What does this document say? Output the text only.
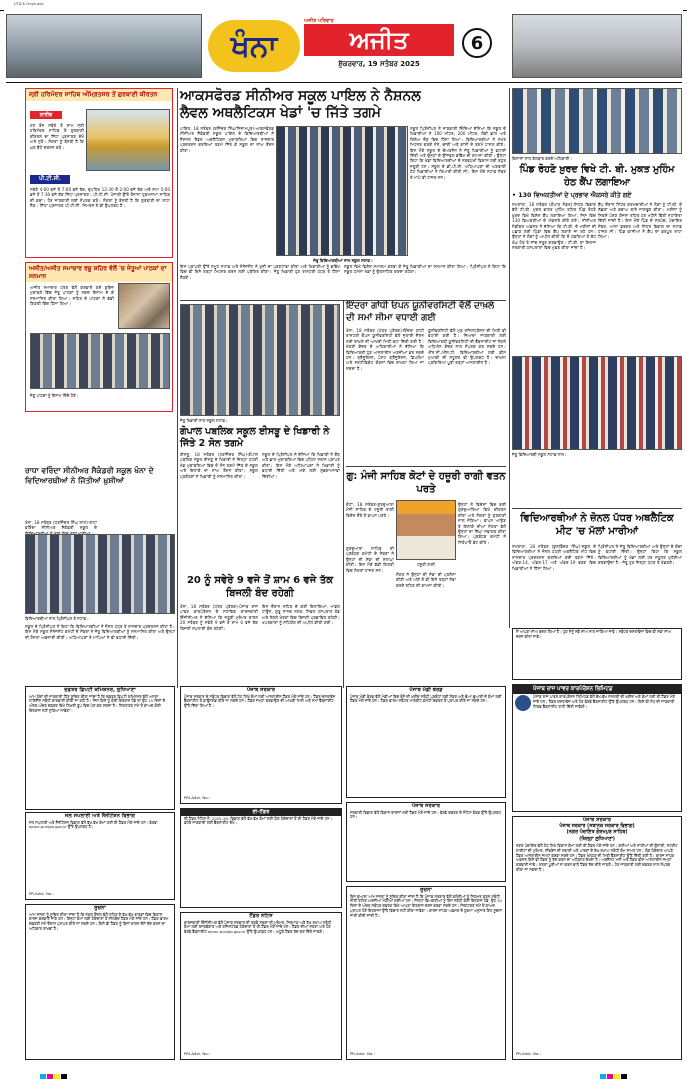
UTD 6 Cmyk.qxd
ਖੰਨਾ
ਅਜੀਤ ਪਰਿਵਾਰ
ਅਜੀਤ
ਸ਼ੁੱਕਰਵਾਰ, 19 ਸਤੰਬਰ 2025
6
ਸ੍ਰੀ ਹਰਿਮੰਦਰ ਸਾਹਿਬ ਅੰਮ੍ਰਿਤਸਰ ਤੋਂ ਗੁਰਬਾਣੀ ਕੀਰਤਨ
ਲਾਈਵ
ਹਰ ਰੋਜ਼ ਸਵੇਰੇ ਤੇ ਸ਼ਾਮ ਸ੍ਰੀ ਹਰਿਮੰਦਰ ਸਾਹਿਬ ਤੋਂ ਗੁਰਬਾਣੀ ਕੀਰਤਨ ਦਾ ਸਿੱਧਾ ਪ੍ਰਸਾਰਣ ਦੇਖੋ ਅਤੇ ਸੁਣੋ। ਸੰਗਤਾਂ ਨੂੰ ਬੇਨਤੀ ਹੈ ਕਿ ਘਰ ਬੈਠੇ ਦਰਸ਼ਨ ਕਰੋ।
ਪੀ.ਟੀ.ਸੀ.
ਸਵੇਰੇ 4:00 ਵਜੇ ਤੋਂ 7:00 ਵਜੇ ਤੱਕ, ਦੁਪਹਿਰ 12:30 ਤੋਂ 2:00 ਵਜੇ ਤੱਕ ਅਤੇ ਸ਼ਾਮ 5:00 ਵਜੇ ਤੋਂ 7:30 ਵਜੇ ਤੱਕ ਸਿੱਧਾ ਪ੍ਰਸਾਰਣ। ਪੀ.ਟੀ.ਸੀ. ਪੰਜਾਬੀ ਉੱਤੇ ਰੋਜ਼ਾਨਾ ਹੁਕਮਨਾਮਾ ਸਾਹਿਬ ਦੀ ਕਥਾ। ਹੋਰ ਜਾਣਕਾਰੀ ਲਈ ਸੰਪਰਕ ਕਰੋ। ਸੰਗਤਾਂ ਨੂੰ ਬੇਨਤੀ ਹੈ ਕਿ ਗੁਰਬਾਣੀ ਦਾ ਲਾਹਾ ਲੈਣ। ਸਿੱਧਾ ਪ੍ਰਸਾਰਣ ਪੀ.ਟੀ.ਸੀ. ਸਿਮਰਨ ਤੇ ਵੀ ਉਪਲਬਧ ਹੈ।
ਅਜੀਤ/ਅਜੀਤ ਸਮਾਚਾਰ ਰਜ਼ੂ ਸ਼ਹਿਰ ਵੱਲੋਂ 'ਚ ਜੇਤੂਆਂ ਪਾਠਕਾਂ ਦਾ ਸਨਮਾਨ
ਅਜੀਤ ਸਮਾਚਾਰ ਪੱਤਰ ਵੱਲੋਂ ਕਰਵਾਏ ਗਏ ਕੁਇਜ਼ ਮੁਕਾਬਲੇ ਵਿੱਚ ਜੇਤੂ ਪਾਠਕਾਂ ਨੂੰ ਨਕਦ ਇਨਾਮ ਦੇ ਕੇ ਸਨਮਾਨਿਤ ਕੀਤਾ ਗਿਆ। ਸ਼ਹਿਰ ਦੇ ਪਾਠਕਾਂ ਨੇ ਵੱਡੀ ਗਿਣਤੀ ਵਿੱਚ ਹਿੱਸਾ ਲਿਆ।
ਜੇਤੂ ਪਾਠਕਾਂ ਨੂੰ ਇਨਾਮ ਦਿੰਦੇ ਹੋਏ।
ਆਕਸਫੋਰਡ ਸੀਨੀਅਰ ਸਕੂਲ ਪਾਇਲ ਨੇ ਨੈਸ਼ਨਲ
ਲੈਵਲ ਅਥਲੈਟਿਕਸ ਖੇਡਾਂ 'ਚ ਜਿੱਤੇ ਤਗਮੇ
ਪਾਇਲ, 18 ਸਤੰਬਰ (ਰਜਿੰਦਰ ਸਿੰਘ/ਨਿਜ਼ਾਮਪੁਰ)-ਆਕਸਫੋਰਡ ਸੀਨੀਅਰ ਸੈਕੰਡਰੀ ਸਕੂਲ ਪਾਇਲ ਦੇ ਵਿਦਿਆਰਥੀਆਂ ਨੇ ਨੈਸ਼ਨਲ ਲੈਵਲ ਅਥਲੈਟਿਕਸ ਮੁਕਾਬਲਿਆਂ ਵਿਚ ਸ਼ਾਨਦਾਰ ਪ੍ਰਦਰਸ਼ਨ ਕਰਦਿਆਂ ਤਗਮੇ ਜਿੱਤ ਕੇ ਸਕੂਲ ਦਾ ਨਾਂਅ ਰੌਸ਼ਨ ਕੀਤਾ।
ਸਕੂਲ ਪ੍ਰਿੰਸੀਪਲ ਨੇ ਜਾਣਕਾਰੀ ਦਿੰਦਿਆਂ ਦੱਸਿਆ ਕਿ ਸਕੂਲ ਦੇ ਖਿਡਾਰੀਆਂ ਨੇ 100 ਮੀਟਰ, 200 ਮੀਟਰ, ਲੰਬੀ ਛਾਲ ਅਤੇ ਰਿਲੇਅ ਦੌੜ ਵਿਚ ਹਿੱਸਾ ਲਿਆ। ਵਿਦਿਆਰਥੀਆਂ ਨੇ ਸਖ਼ਤ ਮਿਹਨਤ ਕਰਕੇ ਸੋਨੇ, ਚਾਂਦੀ ਅਤੇ ਕਾਂਸੀ ਦੇ ਤਗਮੇ ਹਾਸਲ ਕੀਤੇ। ਇਸ ਮੌਕੇ ਸਕੂਲ ਦੇ ਚੇਅਰਮੈਨ ਨੇ ਜੇਤੂ ਖਿਡਾਰੀਆਂ ਨੂੰ ਵਧਾਈ ਦਿੱਤੀ ਅਤੇ ਉਨ੍ਹਾਂ ਦੇ ਉੱਜਵਲ ਭਵਿੱਖ ਦੀ ਕਾਮਨਾ ਕੀਤੀ। ਉਨ੍ਹਾਂ ਕਿਹਾ ਕਿ ਖੇਡਾਂ ਵਿਦਿਆਰਥੀਆਂ ਦੇ ਸਰਵਪੱਖੀ ਵਿਕਾਸ ਲਈ ਬਹੁਤ ਜ਼ਰੂਰੀ ਹਨ। ਸਕੂਲ ਦੇ ਡੀ.ਪੀ.ਈ. ਅਧਿਆਪਕਾਂ ਦੀ ਅਗਵਾਈ ਹੇਠ ਖਿਡਾਰੀਆਂ ਨੇ ਤਿਆਰੀ ਕੀਤੀ ਸੀ। ਇਸ ਮੌਕੇ ਸਟਾਫ਼ ਮੈਂਬਰ ਤੇ ਮਾਪੇ ਵੀ ਹਾਜ਼ਰ ਸਨ।
ਜੇਤੂ ਵਿਦਿਆਰਥੀਆਂ ਨਾਲ ਸਕੂਲ ਸਟਾਫ਼।
ਇਸ ਪ੍ਰਾਪਤੀ ਉੱਤੇ ਸਮੂਹ ਸਟਾਫ਼ ਅਤੇ ਮੈਨੇਜਮੈਂਟ ਨੇ ਖ਼ੁਸ਼ੀ ਦਾ ਪ੍ਰਗਟਾਵਾ ਕੀਤਾ ਅਤੇ ਖਿਡਾਰੀਆਂ ਨੂੰ ਭਵਿੱਖ ਵਿਚ ਵੀ ਇਸੇ ਤਰ੍ਹਾਂ ਮਿਹਨਤ ਕਰਨ ਲਈ ਪ੍ਰੇਰਿਤ ਕੀਤਾ। ਜੇਤੂ ਖਿਡਾਰੀ ਹੁਣ ਰਾਸ਼ਟਰੀ ਪੱਧਰ ਤੇ ਹਿੱਸਾ ਲੈਣਗੇ।
ਸਕੂਲ ਵਿਖੇ ਵਿਸ਼ੇਸ਼ ਸਮਾਗਮ ਕਰਵਾ ਕੇ ਜੇਤੂ ਖਿਡਾਰੀਆਂ ਦਾ ਸਨਮਾਨ ਕੀਤਾ ਗਿਆ। ਪ੍ਰਿੰਸੀਪਲ ਨੇ ਕਿਹਾ ਕਿ ਸਕੂਲ ਹਮੇਸ਼ਾ ਖੇਡਾਂ ਨੂੰ ਉਤਸ਼ਾਹਿਤ ਕਰਦਾ ਰਹੇਗਾ।
ਜੇਤੂ ਖਿਡਾਰੀ ਨਾਲ ਸਕੂਲ ਸਟਾਫ਼।
ਗੋਪਾਲ ਪਬਲਿਕ ਸਕੂਲ ਈਸੜੂ ਦੇ ਖਿਡਾਰੀ ਨੇ ਜਿੱਤੇ 2 ਸੋਨ ਤਗਮੇ
ਈਸੜੂ, 18 ਸਤੰਬਰ (ਹਰਜਿੰਦਰ ਸਿੰਘ)-ਗੋਪਾਲ ਪਬਲਿਕ ਸਕੂਲ ਈਸੜੂ ਦੇ ਖਿਡਾਰੀ ਨੇ ਜ਼ਿਲ੍ਹਾ ਪੱਧਰੀ ਖੇਡ ਮੁਕਾਬਲਿਆਂ ਵਿਚ ਦੋ ਸੋਨ ਤਗਮੇ ਜਿੱਤ ਕੇ ਸਕੂਲ ਅਤੇ ਇਲਾਕੇ ਦਾ ਨਾਂਅ ਰੌਸ਼ਨ ਕੀਤਾ। ਸਕੂਲ ਪ੍ਰਬੰਧਕਾਂ ਨੇ ਖਿਡਾਰੀ ਨੂੰ ਸਨਮਾਨਿਤ ਕੀਤਾ।
ਸਕੂਲ ਦੇ ਪ੍ਰਿੰਸੀਪਲ ਨੇ ਦੱਸਿਆ ਕਿ ਖਿਡਾਰੀ ਨੇ ਦੌੜ ਅਤੇ ਛਾਲ ਮੁਕਾਬਲਿਆਂ ਵਿਚ ਪਹਿਲਾ ਸਥਾਨ ਪ੍ਰਾਪਤ ਕੀਤਾ। ਇਸ ਮੌਕੇ ਅਧਿਆਪਕਾਂ ਨੇ ਖਿਡਾਰੀ ਨੂੰ ਵਧਾਈ ਦਿੱਤੀ ਅਤੇ ਅੱਗੇ ਲਈ ਸ਼ੁਭਕਾਮਨਾਵਾਂ ਦਿੱਤੀਆਂ।
ਰਾਧਾ ਵਰਿੰਦਾ ਸੀਨੀਅਰ ਸੈਕੰਡਰੀ ਸਕੂਲ ਖੰਨਾ ਦੇ ਵਿਦਿਆਰਥੀਆਂ ਨੇ ਜਿੱਤੀਆਂ ਖ਼ੁਸ਼ੀਆਂ
ਖੰਨਾ, 18 ਸਤੰਬਰ (ਹਰਜਿੰਦਰ ਸਿੰਘ ਲਾਲ)-ਰਾਧਾ ਵਰਿੰਦਾ ਸੀਨੀਅਰ ਸੈਕੰਡਰੀ ਸਕੂਲ ਦੇ
ਵਿਦਿਆਰਥੀਆਂ ਨਾਲ ਪ੍ਰਿੰਸੀਪਲ ਤੇ ਸਟਾਫ਼।
ਸਕੂਲ ਦੇ ਪ੍ਰਿੰਸੀਪਲ ਨੇ ਕਿਹਾ ਕਿ ਵਿਦਿਆਰਥੀਆਂ ਨੇ ਜ਼ੋਨਲ ਪੱਧਰ ਤੇ ਸ਼ਾਨਦਾਰ ਪ੍ਰਦਰਸ਼ਨ ਕੀਤਾ ਹੈ। ਇਸ ਮੌਕੇ ਸਕੂਲ ਮੈਨੇਜਮੈਂਟ ਕਮੇਟੀ ਦੇ ਮੈਂਬਰਾਂ ਨੇ ਜੇਤੂ ਵਿਦਿਆਰਥੀਆਂ ਨੂੰ ਸਨਮਾਨਿਤ ਕੀਤਾ ਅਤੇ ਉਨ੍ਹਾਂ ਦੀ ਹੌਸਲਾ ਅਫ਼ਜ਼ਾਈ ਕੀਤੀ। ਅਧਿਆਪਕਾਂ ਤੇ ਮਾਪਿਆਂ ਨੇ ਵੀ ਵਧਾਈ ਦਿੱਤੀ।
20 ਨੂੰ ਸਵੇਰੇ 9 ਵਜੇ ਤੋਂ ਸ਼ਾਮ 6 ਵਜੇ ਤੱਕ ਬਿਜਲੀ ਬੰਦ ਰਹੇਗੀ
ਖੰਨਾ, 18 ਸਤੰਬਰ (ਪੱਤਰ ਪ੍ਰੇਰਕ)-ਪੰਜਾਬ ਰਾਜ ਪਾਵਰ ਕਾਰਪੋਰੇਸ਼ਨ ਦੇ ਸਹਾਇਕ ਕਾਰਜਕਾਰੀ ਇੰਜੀਨੀਅਰ ਨੇ ਦੱਸਿਆ ਕਿ ਜ਼ਰੂਰੀ ਮੁਰੰਮਤ ਕਾਰਨ 20 ਸਤੰਬਰ ਨੂੰ ਸਵੇਰੇ 9 ਵਜੇ ਤੋਂ ਸ਼ਾਮ 6 ਵਜੇ ਤੱਕ ਬਿਜਲੀ ਸਪਲਾਈ ਬੰਦ ਰਹੇਗੀ।
ਇਸ ਦੌਰਾਨ ਸ਼ਹਿਰ ਦੇ ਕਈ ਇਲਾਕਿਆਂ, ਮਾਡਲ ਟਾਊਨ, ਗੁਰੂ ਨਾਨਕ ਨਗਰ, ਸਿਵਲ ਹਸਪਤਾਲ ਰੋਡ ਅਤੇ ਨੇੜਲੇ ਖੇਤਰਾਂ ਵਿਚ ਬਿਜਲੀ ਪ੍ਰਭਾਵਿਤ ਰਹੇਗੀ। ਖਪਤਕਾਰਾਂ ਨੂੰ ਸਹਿਯੋਗ ਦੀ ਅਪੀਲ ਕੀਤੀ ਗਈ।
ਇੰਦਰਾ ਗਾਂਧੀ ਓਪਨ ਯੂਨੀਵਰਸਿਟੀ ਵੱਲੋਂ ਦਾਖ਼ਲੇ ਦੀ ਸਮਾਂ ਸੀਮਾ ਵਧਾਈ ਗਈ
ਖੰਨਾ, 18 ਸਤੰਬਰ (ਪੱਤਰ ਪ੍ਰੇਰਕ)-ਇੰਦਰਾ ਗਾਂਧੀ ਰਾਸ਼ਟਰੀ ਓਪਨ ਯੂਨੀਵਰਸਿਟੀ ਵੱਲੋਂ ਜੁਲਾਈ ਸੈਸ਼ਨ ਲਈ ਦਾਖ਼ਲੇ ਦੀ ਆਖ਼ਰੀ ਮਿਤੀ ਵਧਾ ਦਿੱਤੀ ਗਈ ਹੈ। ਖੇਤਰੀ ਕੇਂਦਰ ਦੇ ਅਧਿਕਾਰੀਆਂ ਨੇ ਦੱਸਿਆ ਕਿ ਵਿਦਿਆਰਥੀ ਹੁਣ ਆਨਲਾਈਨ ਅਰਜ਼ੀਆਂ ਭਰ ਸਕਦੇ ਹਨ। ਗ੍ਰੈਜੂਏਸ਼ਨ, ਪੋਸਟ ਗ੍ਰੈਜੂਏਸ਼ਨ, ਡਿਪਲੋਮਾ ਅਤੇ ਸਰਟੀਫਿਕੇਟ ਕੋਰਸਾਂ ਵਿਚ ਦਾਖ਼ਲਾ ਲਿਆ ਜਾ ਸਕਦਾ ਹੈ।
ਯੂਨੀਵਰਸਿਟੀ ਵੱਲੋਂ ਮੁੜ ਰਜਿਸਟ੍ਰੇਸ਼ਨ ਦੀ ਮਿਤੀ ਵੀ ਵਧਾਈ ਗਈ ਹੈ। ਜ਼ਿਆਦਾ ਜਾਣਕਾਰੀ ਲਈ ਵਿਦਿਆਰਥੀ ਯੂਨੀਵਰਸਿਟੀ ਦੀ ਵੈੱਬਸਾਈਟ ਜਾਂ ਨੇੜਲੇ ਅਧਿਐਨ ਕੇਂਦਰ ਨਾਲ ਸੰਪਰਕ ਕਰ ਸਕਦੇ ਹਨ। ਐੱਸ.ਸੀ./ਐੱਸ.ਟੀ. ਵਿਦਿਆਰਥੀਆਂ ਲਈ ਫ਼ੀਸ ਮੁਆਫ਼ੀ ਦੀ ਸਹੂਲਤ ਵੀ ਉਪਲਬਧ ਹੈ। ਦਾਖ਼ਲਾ ਪ੍ਰਕਿਰਿਆ ਪੂਰੀ ਤਰ੍ਹਾਂ ਆਨਲਾਈਨ ਹੈ।
ਗੁ: ਮੰਜੀ ਸਾਹਿਬ ਕੋਟਾਂ ਦੇ ਹਜ਼ੂਰੀ ਰਾਗੀ ਵਤਨ ਪਰਤੇ
ਕੋਟਾਂ, 18 ਸਤੰਬਰ-ਗੁਰਦੁਆਰਾ ਮੰਜੀ ਸਾਹਿਬ ਦੇ ਹਜ਼ੂਰੀ ਰਾਗੀ ਵਿਦੇਸ਼ ਦੌਰੇ ਤੋਂ ਵਾਪਸ ਪਰਤੇ।
ਹਜ਼ੂਰੀ ਰਾਗੀ
ਉਨ੍ਹਾਂ ਨੇ ਵਿਦੇਸ਼ਾਂ ਵਿਚ ਕਈ ਗੁਰਦੁਆਰਿਆਂ ਵਿਖੇ ਕੀਰਤਨ ਕੀਤਾ ਅਤੇ ਸੰਗਤਾਂ ਨੂੰ ਗੁਰਬਾਣੀ ਨਾਲ ਜੋੜਿਆ। ਵਾਪਸ ਆਉਣ ਤੇ ਇਲਾਕੇ ਦੀਆਂ ਸੰਗਤਾਂ ਵੱਲੋਂ ਉਨ੍ਹਾਂ ਦਾ ਨਿੱਘਾ ਸਵਾਗਤ ਕੀਤਾ ਗਿਆ। ਪ੍ਰਬੰਧਕ ਕਮੇਟੀ ਨੇ ਸਿਰੋਪਾਓ ਭੇਟ ਕੀਤੇ।
ਗੁਰਦੁਆਰਾ ਸਾਹਿਬ ਦੀ ਪ੍ਰਬੰਧਕ ਕਮੇਟੀ ਦੇ ਮੈਂਬਰਾਂ ਨੇ ਉਨ੍ਹਾਂ ਦੀ ਸੇਵਾ ਦੀ ਸ਼ਲਾਘਾ ਕੀਤੀ। ਇਸ ਮੌਕੇ ਵੱਡੀ ਗਿਣਤੀ ਵਿਚ ਸੰਗਤਾਂ ਹਾਜ਼ਰ ਸਨ।
ਸੰਗਤ ਨੇ ਉਨ੍ਹਾਂ ਦੀ ਸੇਵਾ ਦੀ ਪ੍ਰਸ਼ੰਸਾ ਕੀਤੀ ਅਤੇ ਅੱਗੇ ਤੋਂ ਵੀ ਇਸੇ ਤਰ੍ਹਾਂ ਸੇਵਾ ਕਰਦੇ ਰਹਿਣ ਦੀ ਕਾਮਨਾ ਕੀਤੀ।
ਕਿਸਾਨਾਂ ਨਾਲ ਗੱਲਬਾਤ ਕਰਦੇ ਅਧਿਕਾਰੀ।
ਪਿੰਡ ਰੋਹਣੋ ਖ਼ੁਰਦ ਵਿਖੇ ਟੀ. ਬੀ. ਮੁਕਤ ਮੁਹਿੰਮ ਹੇਠ ਕੈਂਪ ਲਗਾਇਆ
• 130 ਵਿਅਕਤੀਆਂ ਦੇ ਪ੍ਰਭਾਵ ਐਕਸਰੇ ਕੀਤੇ ਗਏ
ਸਮਰਾਲਾ, 18 ਸਤੰਬਰ (ਗੋਪਾਲ ਸੋਫਤ)-ਸਿਹਤ ਵਿਭਾਗ ਵੱਲੋਂ ਟੀ.ਬੀ. ਮੁਕਤ ਭਾਰਤ ਮੁਹਿੰਮ ਤਹਿਤ ਪਿੰਡ ਰੋਹਣੋ ਖ਼ੁਰਦ ਵਿਖੇ ਵਿਸ਼ੇਸ਼ ਕੈਂਪ ਲਗਾਇਆ ਗਿਆ, ਜਿਸ ਵਿਚ 130 ਵਿਅਕਤੀਆਂ ਦੇ ਐਕਸਰੇ ਕੀਤੇ ਗਏ। ਸੀਨੀਅਰ ਮੈਡੀਕਲ ਅਫ਼ਸਰ ਨੇ ਦੱਸਿਆ ਕਿ ਟੀ.ਬੀ. ਦੇ ਮਰੀਜ਼ਾਂ ਦੀ ਪਛਾਣ ਲਈ ਪਿੰਡਾਂ ਵਿਚ ਕੈਂਪ ਲਗਾਏ ਜਾ ਰਹੇ ਹਨ। ਉਨ੍ਹਾਂ ਨੇ ਲੋਕਾਂ ਨੂੰ ਅਪੀਲ ਕੀਤੀ ਕਿ ਦੋ ਹਫ਼ਤਿਆਂ ਤੋਂ ਵੱਧ ਖੰਘ ਹੋਣ ਤੇ ਜਾਂਚ ਜ਼ਰੂਰ ਕਰਵਾਉਣ। ਟੀ.ਬੀ. ਦਾ ਇਲਾਜ ਸਰਕਾਰੀ ਹਸਪਤਾਲਾਂ ਵਿਚ ਮੁਫ਼ਤ ਕੀਤਾ ਜਾਂਦਾ ਹੈ।
ਕੈਂਪ ਦੌਰਾਨ ਸਿਹਤ ਕਰਮਚਾਰੀਆਂ ਨੇ ਲੋਕਾਂ ਨੂੰ ਟੀ.ਬੀ. ਦੇ ਲੱਛਣਾਂ ਅਤੇ ਬਚਾਅ ਬਾਰੇ ਜਾਗਰੂਕ ਕੀਤਾ। ਮਰੀਜ਼ਾਂ ਨੂੰ ਨਿਕਸ਼ੇ ਪੋਸ਼ਣ ਯੋਜਨਾ ਤਹਿਤ ਹਰ ਮਹੀਨੇ ਵਿੱਤੀ ਸਹਾਇਤਾ ਦਿੱਤੀ ਜਾਂਦੀ ਹੈ। ਇਸ ਮੌਕੇ ਪਿੰਡ ਦੇ ਸਰਪੰਚ, ਪੰਚਾਇਤ ਮੈਂਬਰ, ਆਸ਼ਾ ਵਰਕਰ ਅਤੇ ਸਿਹਤ ਵਿਭਾਗ ਦਾ ਸਟਾਫ਼ ਹਾਜ਼ਰ ਸੀ। ਪਿੰਡ ਵਾਸੀਆਂ ਨੇ ਕੈਂਪ ਦਾ ਭਰਪੂਰ ਲਾਹਾ ਲਿਆ।
ਜੇਤੂ ਵਿਦਿਆਰਥੀ ਸਕੂਲ ਸਟਾਫ਼ ਨਾਲ।
ਵਿਦਿਆਰਥੀਆਂ ਨੇ ਜ਼ੋਨਲ ਪੱਧਰ ਅਥਲੈਟਿਕ ਮੀਟ 'ਚ ਮੱਲਾਂ ਮਾਰੀਆਂ
ਸਮਰਾਲਾ, 18 ਸਤੰਬਰ (ਕੁਲਵਿੰਦਰ ਸਿੰਘ)-ਸਕੂਲ ਦੇ ਵਿਦਿਆਰਥੀਆਂ ਨੇ ਜ਼ੋਨਲ ਪੱਧਰੀ ਅਥਲੈਟਿਕ ਮੀਟ ਵਿਚ ਸ਼ਾਨਦਾਰ ਪ੍ਰਦਰਸ਼ਨ ਕਰਦਿਆਂ ਕਈ ਤਗਮੇ ਜਿੱਤੇ। ਅੰਡਰ-14, ਅੰਡਰ-17 ਅਤੇ ਅੰਡਰ-19 ਵਰਗ ਵਿਚ ਖਿਡਾਰੀਆਂ ਨੇ ਹਿੱਸਾ ਲਿਆ।
ਪ੍ਰਿੰਸੀਪਲ ਨੇ ਜੇਤੂ ਵਿਦਿਆਰਥੀਆਂ ਅਤੇ ਉਨ੍ਹਾਂ ਦੇ ਕੋਚਾਂ ਨੂੰ ਵਧਾਈ ਦਿੱਤੀ। ਉਨ੍ਹਾਂ ਕਿਹਾ ਕਿ ਸਕੂਲ ਵਿਦਿਆਰਥੀਆਂ ਨੂੰ ਖੇਡਾਂ ਲਈ ਹਰ ਸਹੂਲਤ ਮੁਹੱਈਆ ਕਰਵਾਉਂਦਾ ਹੈ। ਜੇਤੂ ਹੁਣ ਜ਼ਿਲ੍ਹਾ ਪੱਧਰ ਤੇ ਖੇਡਣਗੇ।
ਦਫ਼ਤਰ ਡਿਪਟੀ ਕਮਿਸ਼ਨਰ, ਲੁਧਿਆਣਾ
ਆਮ ਲੋਕਾਂ ਦੀ ਜਾਣਕਾਰੀ ਹਿੱਤ ਸੂਚਿਤ ਕੀਤਾ ਜਾਂਦਾ ਹੈ ਕਿ ਦਫ਼ਤਰ ਡਿਪਟੀ ਕਮਿਸ਼ਨਰ ਵੱਲੋਂ ਅਸਲਾ ਲਾਇਸੈਂਸ ਸਬੰਧੀ ਕਾਰਵਾਈ ਕੀਤੀ ਜਾ ਰਹੀ ਹੈ। ਜਿਸ ਕਿਸੇ ਨੂੰ ਕੋਈ ਇਤਰਾਜ਼ ਹੋਵੇ ਤਾਂ ਉਹ 15 ਦਿਨਾਂ ਦੇ ਅੰਦਰ-ਅੰਦਰ ਦਫ਼ਤਰ ਵਿਖੇ ਲਿਖਤੀ ਰੂਪ ਵਿਚ ਪੇਸ਼ ਕਰ ਸਕਦਾ ਹੈ। ਨਿਰਧਾਰਤ ਸਮੇਂ ਤੋਂ ਬਾਅਦ ਕੋਈ ਇਤਰਾਜ਼ ਨਹੀਂ ਸੁਣਿਆ ਜਾਵੇਗਾ।
ਜਲ ਸਪਲਾਈ ਅਤੇ ਸੈਨੀਟੇਸ਼ਨ ਵਿਭਾਗ
ਜਲ ਸਪਲਾਈ ਅਤੇ ਸੈਨੀਟੇਸ਼ਨ ਵਿਭਾਗ ਵੱਲੋਂ ਵੱਖ-ਵੱਖ ਕੰਮਾਂ ਲਈ ਈ-ਟੈਂਡਰ ਮੰਗੇ ਜਾਂਦੇ ਹਨ। ਵੇਰਵਾ eproc.punjab.gov.in ਉੱਤੇ ਉਪਲਬਧ ਹੈ।
PR-Advt. No.:
ਸੂਚਨਾ
ਆਮ ਜਨਤਾ ਨੂੰ ਸੂਚਿਤ ਕੀਤਾ ਜਾਂਦਾ ਹੈ ਕਿ ਨਗਰ ਕੌਂਸਲ ਵੱਲੋਂ ਸ਼ਹਿਰ ਦੇ ਵੱਖ-ਵੱਖ ਵਾਰਡਾਂ ਵਿਚ ਵਿਕਾਸ ਕਾਰਜ ਕਰਵਾਏ ਜਾਣੇ ਹਨ। ਇਨ੍ਹਾਂ ਕੰਮਾਂ ਲਈ ਠੇਕੇਦਾਰਾਂ ਤੋਂ ਸੀਲਬੰਦ ਟੈਂਡਰ ਮੰਗੇ ਜਾਂਦੇ ਹਨ। ਟੈਂਡਰ ਫ਼ਾਰਮ ਦਫ਼ਤਰੀ ਸਮੇਂ ਦੌਰਾਨ ਪ੍ਰਾਪਤ ਕੀਤੇ ਜਾ ਸਕਦੇ ਹਨ। ਕਿਸੇ ਵੀ ਟੈਂਡਰ ਨੂੰ ਬਿਨਾਂ ਕਾਰਨ ਦੱਸੇ ਰੱਦ ਕਰਨ ਦਾ ਅਧਿਕਾਰ ਰਾਖਵਾਂ ਹੈ।
ਪੰਜਾਬ ਸਰਕਾਰ
ਪੰਜਾਬ ਸਰਕਾਰ ਦੇ ਸਬੰਧਤ ਵਿਭਾਗ ਵੱਲੋਂ ਹੇਠ ਲਿਖੇ ਕੰਮਾਂ ਲਈ ਆਨਲਾਈਨ ਟੈਂਡਰ ਮੰਗੇ ਜਾਂਦੇ ਹਨ। ਟੈਂਡਰ ਦਸਤਾਵੇਜ਼ ਵੈੱਬਸਾਈਟ ਤੋਂ ਡਾਊਨਲੋਡ ਕੀਤੇ ਜਾ ਸਕਦੇ ਹਨ। ਟੈਂਡਰ ਜਮ੍ਹਾਂ ਕਰਵਾਉਣ ਦੀ ਆਖ਼ਰੀ ਮਿਤੀ ਅਤੇ ਸਮਾਂ ਵੈੱਬਸਾਈਟ ਉੱਤੇ ਦਿੱਤਾ ਗਿਆ ਹੈ।
PRI-Advt. No.:
ਈ-ਟੈਂਡਰ
ਈ-ਟੈਂਡਰ ਨੋਟਿਸ ਨੰ. 2025-26: ਵਿਭਾਗ ਵੱਲੋਂ ਵੱਖ-ਵੱਖ ਕੰਮਾਂ ਲਈ ਯੋਗ ਠੇਕੇਦਾਰਾਂ ਤੋਂ ਈ-ਟੈਂਡਰ ਮੰਗੇ ਜਾਂਦੇ ਹਨ। ਵਧੇਰੇ ਜਾਣਕਾਰੀ ਲਈ ਵੈੱਬਸਾਈਟ ਦੇਖੋ।
ਟੈਂਡਰ ਨੋਟਿਸ
ਕਾਰਜਕਾਰੀ ਇੰਜੀਨੀਅਰ ਵੱਲੋਂ ਪੰਜਾਬ ਸਰਕਾਰ ਦੀ ਤਰਫ਼ੋਂ ਸੜਕਾਂ ਦੀ ਮੁਰੰਮਤ, ਨਿਰਮਾਣ ਅਤੇ ਰੱਖ-ਰਖਾਅ ਸਬੰਧੀ ਕੰਮਾਂ ਲਈ ਤਜਰਬੇਕਾਰ ਅਤੇ ਰਜਿਸਟਰਡ ਠੇਕੇਦਾਰਾਂ ਤੋਂ ਈ-ਟੈਂਡਰ ਮੰਗੇ ਜਾਂਦੇ ਹਨ। ਟੈਂਡਰ ਦੀਆਂ ਸ਼ਰਤਾਂ ਅਤੇ ਹੋਰ ਵੇਰਵੇ ਵੈੱਬਸਾਈਟ eproc.punjab.gov.in ਉੱਤੇ ਉਪਲਬਧ ਹਨ। ਅਧੂਰੇ ਟੈਂਡਰ ਰੱਦ ਕਰ ਦਿੱਤੇ ਜਾਣਗੇ।
PRI-Advt. No.:
ਪੰਜਾਬ ਮੰਡੀ ਬੋਰਡ
ਪੰਜਾਬ ਮੰਡੀ ਬੋਰਡ ਵੱਲੋਂ ਮੰਡੀਆਂ ਵਿਚ ਝੋਨੇ ਦੀ ਖ਼ਰੀਦ ਸਬੰਧੀ ਪ੍ਰਬੰਧਾਂ ਲਈ ਲੇਬਰ ਅਤੇ ਢੋਆ-ਢੁਆਈ ਦੇ ਕੰਮਾਂ ਲਈ ਟੈਂਡਰ ਮੰਗੇ ਜਾਂਦੇ ਹਨ। ਟੈਂਡਰ ਫ਼ਾਰਮ ਸਬੰਧਤ ਮਾਰਕੀਟ ਕਮੇਟੀ ਦਫ਼ਤਰ ਤੋਂ ਪ੍ਰਾਪਤ ਕੀਤੇ ਜਾ ਸਕਦੇ ਹਨ।
ਪੰਜਾਬ ਸਰਕਾਰ
ਸਰਕਾਰੀ ਵਿਭਾਗ ਵੱਲੋਂ ਵਿਕਾਸ ਕਾਰਜਾਂ ਲਈ ਟੈਂਡਰ ਮੰਗੇ ਜਾਂਦੇ ਹਨ। ਵੇਰਵੇ ਦਫ਼ਤਰ ਦੇ ਨੋਟਿਸ ਬੋਰਡ ਉੱਤੇ ਉਪਲਬਧ ਹਨ।
ਸੂਚਨਾ
ਇਸ ਦੁਆਰਾ ਆਮ ਜਨਤਾ ਨੂੰ ਸੂਚਿਤ ਕੀਤਾ ਜਾਂਦਾ ਹੈ ਕਿ ਪੰਜਾਬ ਸਰਕਾਰ ਵੱਲੋਂ ਕਲੋਨੀਆਂ ਨੂੰ ਨਿਯਮਤ ਕਰਨ ਸਬੰਧੀ ਨੀਤੀ ਤਹਿਤ ਅਰਜ਼ੀਆਂ ਮੰਗੀਆਂ ਗਈਆਂ ਹਨ। ਜਿਨ੍ਹਾਂ ਵਿਅਕਤੀਆਂ ਨੂੰ ਇਸ ਸਬੰਧੀ ਕੋਈ ਇਤਰਾਜ਼ ਹੋਵੇ, ਉਹ 30 ਦਿਨਾਂ ਦੇ ਅੰਦਰ ਸਬੰਧਤ ਦਫ਼ਤਰ ਵਿਖੇ ਆਪਣਾ ਇਤਰਾਜ਼ ਦਰਜ ਕਰਵਾ ਸਕਦੇ ਹਨ। ਨਿਰਧਾਰਤ ਸਮੇਂ ਤੋਂ ਬਾਅਦ ਪ੍ਰਾਪਤ ਹੋਏ ਇਤਰਾਜ਼ਾਂ ਉੱਤੇ ਵਿਚਾਰ ਨਹੀਂ ਕੀਤਾ ਜਾਵੇਗਾ। ਕਾਰਜ ਸਾਧਕ ਅਫ਼ਸਰ ਦੇ ਹੁਕਮਾਂ ਅਨੁਸਾਰ ਇਹ ਸੂਚਨਾ ਜਾਰੀ ਕੀਤੀ ਜਾਂਦੀ ਹੈ।
PR-Advt. No.:
ਮੈਂ ਆਪਣਾ ਨਾਂਅ ਬਦਲ ਲਿਆ ਹੈ। ਹੁਣ ਮੈਨੂੰ ਨਵੇਂ ਨਾਂਅ ਨਾਲ ਜਾਣਿਆ ਜਾਵੇ। ਸਬੰਧਤ ਦਸਤਾਵੇਜ਼ਾਂ ਵਿਚ ਵੀ ਨਵਾਂ ਨਾਂਅ ਦਰਜ ਕੀਤਾ ਜਾਵੇ।
ਪੰਜਾਬ ਰਾਜ ਪਾਵਰ ਕਾਰਪੋਰੇਸ਼ਨ ਲਿਮਿਟਡ
ਪੰਜਾਬ ਰਾਜ ਪਾਵਰ ਕਾਰਪੋਰੇਸ਼ਨ ਲਿਮਿਟਡ ਵੱਲੋਂ ਵੱਖ-ਵੱਖ ਸਮੱਗਰੀ ਦੀ ਖ਼ਰੀਦ ਅਤੇ ਕੰਮਾਂ ਲਈ ਈ-ਟੈਂਡਰ ਮੰਗੇ ਜਾਂਦੇ ਹਨ। ਟੈਂਡਰ ਦਸਤਾਵੇਜ਼ ਅਤੇ ਹੋਰ ਵੇਰਵੇ ਵੈੱਬਸਾਈਟ ਉੱਤੇ ਉਪਲਬਧ ਹਨ। ਕਿਸੇ ਵੀ ਸੋਧ ਦੀ ਜਾਣਕਾਰੀ ਸਿਰਫ਼ ਵੈੱਬਸਾਈਟ ਰਾਹੀਂ ਦਿੱਤੀ ਜਾਵੇਗੀ।
ਪੰਜਾਬ ਸਰਕਾਰ
ਪੰਜਾਬ ਸਰਕਾਰ (ਸਥਾਨਕ ਸਰਕਾਰ ਵਿਭਾਗ)
(ਨਗਰ ਪੰਚਾਇਤ ਗੋਰਖਪੁਰ ਸਾਹਿਬ)
(ਜ਼ਿਲ੍ਹਾ ਲੁਧਿਆਣਾ)
ਨਗਰ ਪੰਚਾਇਤ ਵੱਲੋਂ ਹੇਠ ਲਿਖੇ ਵਿਕਾਸ ਕੰਮਾਂ ਲਈ ਈ-ਟੈਂਡਰ ਮੰਗੇ ਜਾਂਦੇ ਹਨ। ਗਲੀਆਂ ਅਤੇ ਨਾਲੀਆਂ ਦੀ ਉਸਾਰੀ, ਸਟਰੀਟ ਲਾਈਟਾਂ ਦੀ ਮੁਰੰਮਤ, ਸੀਵਰੇਜ ਦੀ ਸਫ਼ਾਈ ਅਤੇ ਪਾਰਕਾਂ ਦੇ ਰੱਖ-ਰਖਾਅ ਸਬੰਧੀ ਕੰਮ ਸ਼ਾਮਲ ਹਨ। ਯੋਗ ਠੇਕੇਦਾਰ ਆਪਣੇ ਟੈਂਡਰ ਆਨਲਾਈਨ ਜਮ੍ਹਾਂ ਕਰਵਾ ਸਕਦੇ ਹਨ। ਟੈਂਡਰ ਖੋਲ੍ਹਣ ਦੀ ਮਿਤੀ ਵੈੱਬਸਾਈਟ ਉੱਤੇ ਦਿੱਤੀ ਗਈ ਹੈ। ਕਾਰਜ ਸਾਧਕ ਅਫ਼ਸਰ ਕਿਸੇ ਵੀ ਟੈਂਡਰ ਨੂੰ ਰੱਦ ਕਰਨ ਦਾ ਅਧਿਕਾਰ ਰੱਖਦਾ ਹੈ। ਅਰਨੈਸਟ ਮਨੀ ਅਤੇ ਟੈਂਡਰ ਫ਼ੀਸ ਆਨਲਾਈਨ ਜਮ੍ਹਾਂ ਕਰਵਾਈ ਜਾਵੇ। ਸ਼ਰਤਾਂ ਪੂਰੀਆਂ ਨਾ ਕਰਨ ਵਾਲੇ ਟੈਂਡਰ ਰੱਦ ਕੀਤੇ ਜਾਣਗੇ। ਹੋਰ ਜਾਣਕਾਰੀ ਲਈ ਦਫ਼ਤਰ ਨਾਲ ਸੰਪਰਕ ਕੀਤਾ ਜਾ ਸਕਦਾ ਹੈ।
PR-Advt. No.:
